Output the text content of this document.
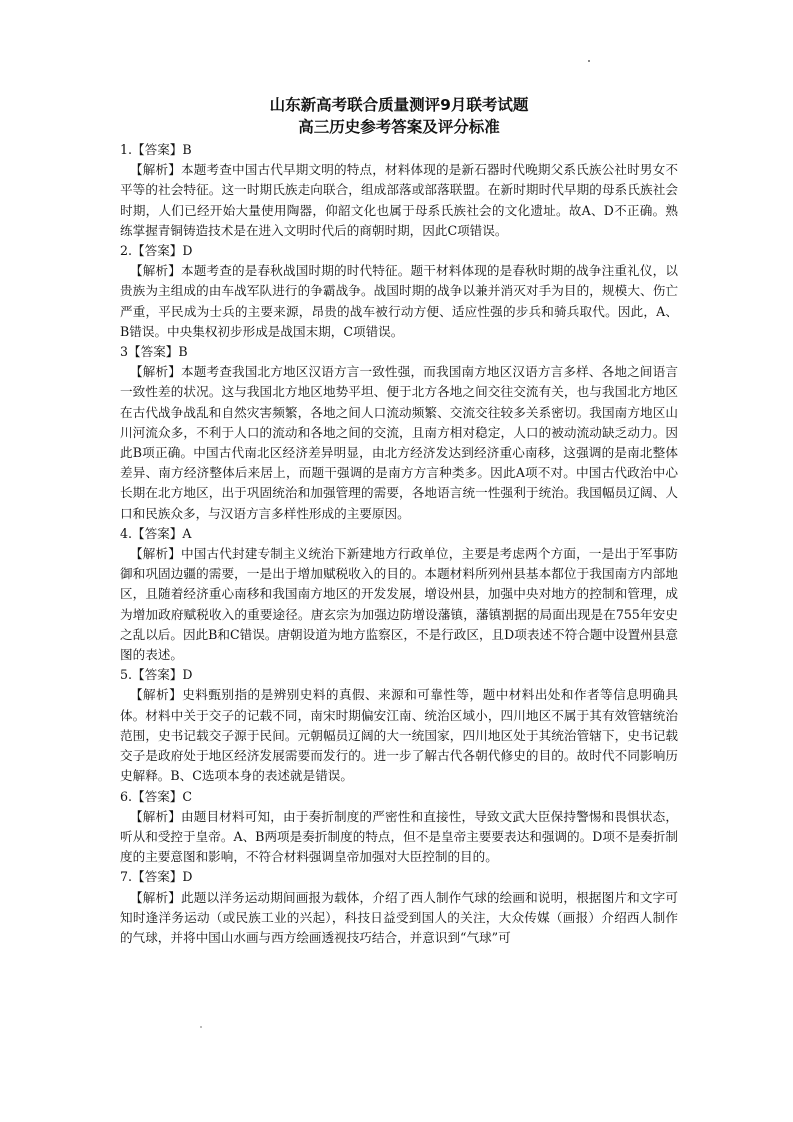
山东新高考联合质量测评9月联考试题
高三历史参考答案及评分标准
1.【答案】B
【解析】本题考查中国古代早期文明的特点，材料体现的是新石器时代晚期父系氏族公社时男女不平等的社会特征。这一时期氏族走向联合，组成部落或部落联盟。在新时期时代早期的母系氏族社会时期，人们已经开始大量使用陶器，仰韶文化也属于母系氏族社会的文化遗址。故A、D不正确。熟练掌握青铜铸造技术是在进入文明时代后的商朝时期，因此C项错误。
2.【答案】D
【解析】本题考查的是春秋战国时期的时代特征。题干材料体现的是春秋时期的战争注重礼仪，以贵族为主组成的由车战军队进行的争霸战争。战国时期的战争以兼并消灭对手为目的，规模大、伤亡严重，平民成为士兵的主要来源，昂贵的战车被行动方便、适应性强的步兵和骑兵取代。因此，A、B错误。中央集权初步形成是战国末期，C项错误。
3【答案】B
【解析】本题考查我国北方地区汉语方言一致性强，而我国南方地区汉语方言多样、各地之间语言一致性差的状况。这与我国北方地区地势平坦、便于北方各地之间交往交流有关，也与我国北方地区在古代战争战乱和自然灾害频繁，各地之间人口流动频繁、交流交往较多关系密切。我国南方地区山川河流众多，不利于人口的流动和各地之间的交流，且南方相对稳定，人口的被动流动缺乏动力。因此B项正确。中国古代南北区经济差异明显，由北方经济发达到经济重心南移，这强调的是南北整体差异、南方经济整体后来居上，而题干强调的是南方方言种类多。因此A项不对。中国古代政治中心长期在北方地区，出于巩固统治和加强管理的需要，各地语言统一性强利于统治。我国幅员辽阔、人口和民族众多，与汉语方言多样性形成的主要原因。
4.【答案】A
【解析】中国古代封建专制主义统治下新建地方行政单位，主要是考虑两个方面，一是出于军事防御和巩固边疆的需要，一是出于增加赋税收入的目的。本题材料所列州县基本都位于我国南方内部地区，且随着经济重心南移和我国南方地区的开发发展，增设州县，加强中央对地方的控制和管理，成为增加政府赋税收入的重要途径。唐玄宗为加强边防增设藩镇，藩镇割据的局面出现是在755年安史之乱以后。因此B和C错误。唐朝设道为地方监察区，不是行政区，且D项表述不符合题中设置州县意图的表述。
5.【答案】D
【解析】史料甄别指的是辨别史料的真假、来源和可靠性等，题中材料出处和作者等信息明确具体。材料中关于交子的记载不同，南宋时期偏安江南、统治区域小，四川地区不属于其有效管辖统治范围，史书记载交子源于民间。元朝幅员辽阔的大一统国家，四川地区处于其统治管辖下，史书记载交子是政府处于地区经济发展需要而发行的。进一步了解古代各朝代修史的目的。故时代不同影响历史解释。B、C选项本身的表述就是错误。
6.【答案】C
【解析】由题目材料可知，由于奏折制度的严密性和直接性，导致文武大臣保持警惕和畏惧状态，听从和受控于皇帝。A、B两项是奏折制度的特点，但不是皇帝主要要表达和强调的。D项不是奏折制度的主要意图和影响，不符合材料强调皇帝加强对大臣控制的目的。
7.【答案】D
【解析】此题以洋务运动期间画报为载体，介绍了西人制作气球的绘画和说明，根据图片和文字可知时逢洋务运动（或民族工业的兴起），科技日益受到国人的关注，大众传媒（画报）介绍西人制作的气球，并将中国山水画与西方绘画透视技巧结合，并意识到“气球”可
